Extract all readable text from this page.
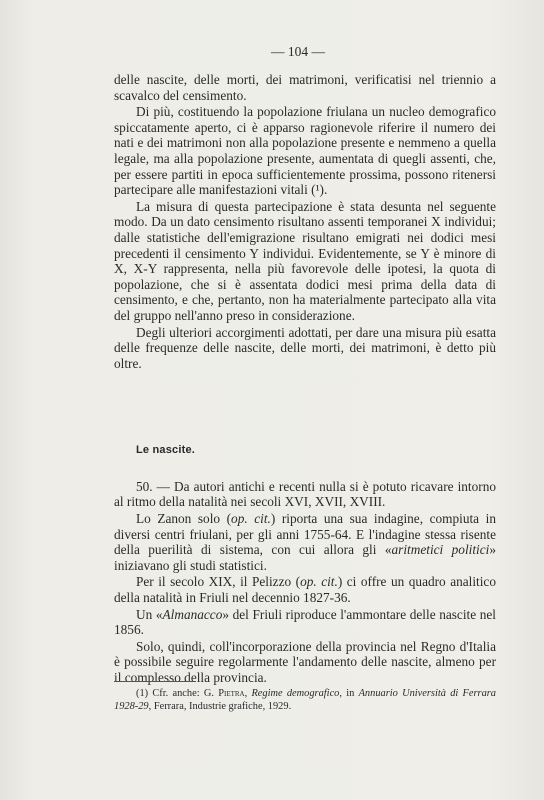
— 104 —

delle nascite, delle morti, dei matrimoni, verificatisi nel triennio a scavalco del censimento.

Di più, costituendo la popolazione friulana un nucleo demografico spiccatamente aperto, ci è apparso ragionevole riferire il numero dei nati e dei matrimoni non alla popolazione presente e nemmeno a quella legale, ma alla popolazione presente, aumentata di quegli assenti, che, per essere partiti in epoca sufficientemente prossima, possono ritenersi partecipare alle manifestazioni vitali (¹).

La misura di questa partecipazione è stata desunta nel seguente modo. Da un dato censimento risultano assenti temporanei X individui; dalle statistiche dell'emigrazione risultano emigrati nei dodici mesi precedenti il censimento Y individui. Evidentemente, se Y è minore di X, X-Y rappresenta, nella più favorevole delle ipotesi, la quota di popolazione, che si è assentata dodici mesi prima della data di censimento, e che, pertanto, non ha materialmente partecipato alla vita del gruppo nell'anno preso in considerazione.

Degli ulteriori accorgimenti adottati, per dare una misura più esatta delle frequenze delle nascite, delle morti, dei matrimoni, è detto più oltre.

Le nascite.

50. — Da autori antichi e recenti nulla si è potuto ricavare intorno al ritmo della natalità nei secoli XVI, XVII, XVIII.

Lo Zanon solo (op. cit.) riporta una sua indagine, compiuta in diversi centri friulani, per gli anni 1755-64. E l'indagine stessa risente della puerilità di sistema, con cui allora gli «aritmetici politici» iniziavano gli studi statistici.

Per il secolo XIX, il Pelizzo (op. cit.) ci offre un quadro analitico della natalità in Friuli nel decennio 1827-36.

Un «Almanacco» del Friuli riproduce l'ammontare delle nascite nel 1856.

Solo, quindi, coll'incorporazione della provincia nel Regno d'Italia è possibile seguire regolarmente l'andamento delle nascite, almeno per il complesso della provincia.

(1) Cfr. anche: G. Pietra, Regime demografico, in Annuario Università di Ferrara 1928-29, Ferrara, Industrie grafiche, 1929.
